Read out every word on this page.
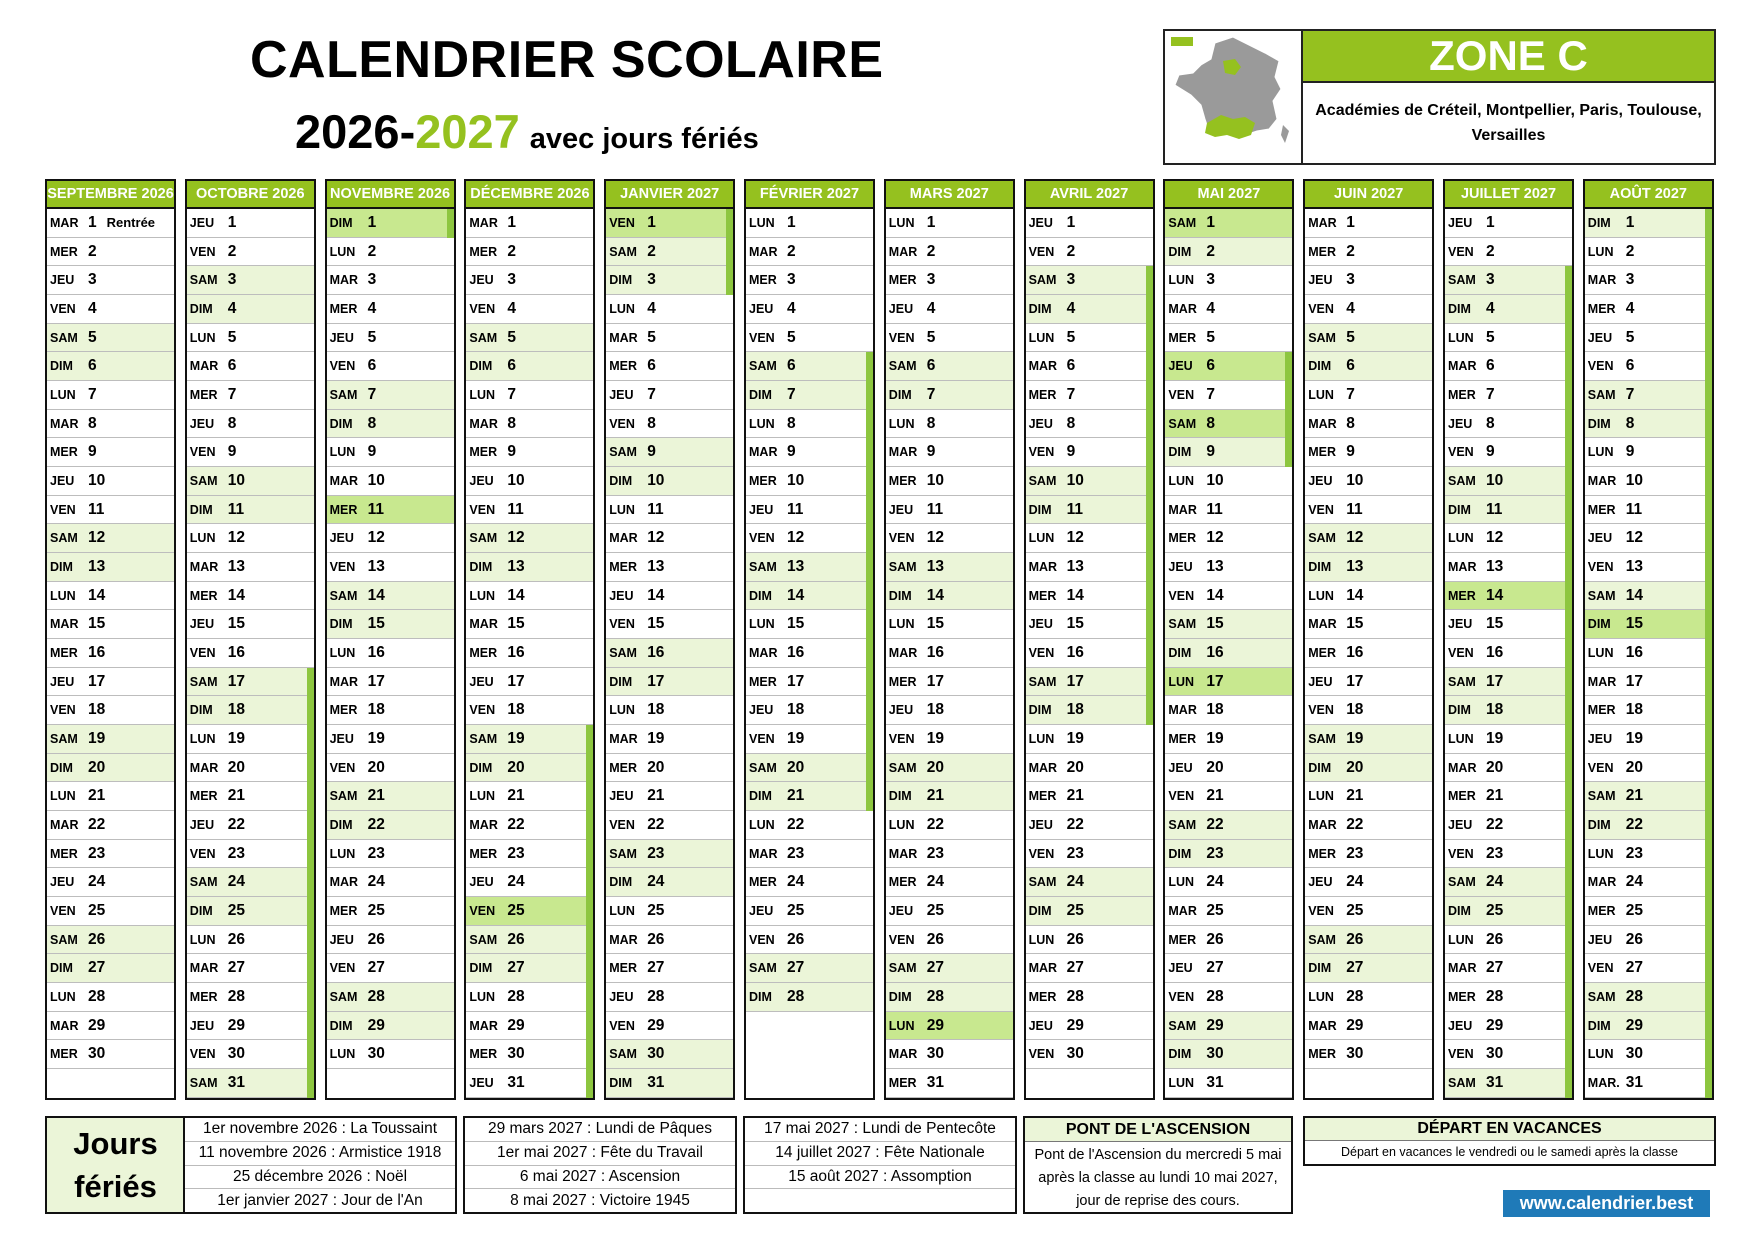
CALENDRIER SCOLAIRE
2026-2027 avec jours fériés
ZONE C
Académies de Créteil, Montpellier, Paris, Toulouse, Versailles
SEPTEMBRE 2026
MAR 1 Rentrée
MER 2
JEU 3
VEN 4
SAM 5
DIM 6
LUN 7
MAR 8
MER 9
JEU 10
VEN 11
SAM 12
DIM 13
LUN 14
MAR 15
MER 16
JEU 17
VEN 18
SAM 19
DIM 20
LUN 21
MAR 22
MER 23
JEU 24
VEN 25
SAM 26
DIM 27
LUN 28
MAR 29
MER 30
OCTOBRE 2026
JEU 1
VEN 2
SAM 3
DIM 4
LUN 5
MAR 6
MER 7
JEU 8
VEN 9
SAM 10
DIM 11
LUN 12
MAR 13
MER 14
JEU 15
VEN 16
SAM 17
DIM 18
LUN 19
MAR 20
MER 21
JEU 22
VEN 23
SAM 24
DIM 25
LUN 26
MAR 27
MER 28
JEU 29
VEN 30
SAM 31
NOVEMBRE 2026
DIM 1
LUN 2
MAR 3
MER 4
JEU 5
VEN 6
SAM 7
DIM 8
LUN 9
MAR 10
MER 11
JEU 12
VEN 13
SAM 14
DIM 15
LUN 16
MAR 17
MER 18
JEU 19
VEN 20
SAM 21
DIM 22
LUN 23
MAR 24
MER 25
JEU 26
VEN 27
SAM 28
DIM 29
LUN 30
DÉCEMBRE 2026
MAR 1
MER 2
JEU 3
VEN 4
SAM 5
DIM 6
LUN 7
MAR 8
MER 9
JEU 10
VEN 11
SAM 12
DIM 13
LUN 14
MAR 15
MER 16
JEU 17
VEN 18
SAM 19
DIM 20
LUN 21
MAR 22
MER 23
JEU 24
VEN 25
SAM 26
DIM 27
LUN 28
MAR 29
MER 30
JEU 31
JANVIER 2027
VEN 1
SAM 2
DIM 3
LUN 4
MAR 5
MER 6
JEU 7
VEN 8
SAM 9
DIM 10
LUN 11
MAR 12
MER 13
JEU 14
VEN 15
SAM 16
DIM 17
LUN 18
MAR 19
MER 20
JEU 21
VEN 22
SAM 23
DIM 24
LUN 25
MAR 26
MER 27
JEU 28
VEN 29
SAM 30
DIM 31
FÉVRIER 2027
LUN 1
MAR 2
MER 3
JEU 4
VEN 5
SAM 6
DIM 7
LUN 8
MAR 9
MER 10
JEU 11
VEN 12
SAM 13
DIM 14
LUN 15
MAR 16
MER 17
JEU 18
VEN 19
SAM 20
DIM 21
LUN 22
MAR 23
MER 24
JEU 25
VEN 26
SAM 27
DIM 28
MARS 2027
LUN 1
MAR 2
MER 3
JEU 4
VEN 5
SAM 6
DIM 7
LUN 8
MAR 9
MER 10
JEU 11
VEN 12
SAM 13
DIM 14
LUN 15
MAR 16
MER 17
JEU 18
VEN 19
SAM 20
DIM 21
LUN 22
MAR 23
MER 24
JEU 25
VEN 26
SAM 27
DIM 28
LUN 29
MAR 30
MER 31
AVRIL 2027
JEU 1
VEN 2
SAM 3
DIM 4
LUN 5
MAR 6
MER 7
JEU 8
VEN 9
SAM 10
DIM 11
LUN 12
MAR 13
MER 14
JEU 15
VEN 16
SAM 17
DIM 18
LUN 19
MAR 20
MER 21
JEU 22
VEN 23
SAM 24
DIM 25
LUN 26
MAR 27
MER 28
JEU 29
VEN 30
MAI 2027
SAM 1
DIM 2
LUN 3
MAR 4
MER 5
JEU 6
VEN 7
SAM 8
DIM 9
LUN 10
MAR 11
MER 12
JEU 13
VEN 14
SAM 15
DIM 16
LUN 17
MAR 18
MER 19
JEU 20
VEN 21
SAM 22
DIM 23
LUN 24
MAR 25
MER 26
JEU 27
VEN 28
SAM 29
DIM 30
LUN 31
JUIN 2027
MAR 1
MER 2
JEU 3
VEN 4
SAM 5
DIM 6
LUN 7
MAR 8
MER 9
JEU 10
VEN 11
SAM 12
DIM 13
LUN 14
MAR 15
MER 16
JEU 17
VEN 18
SAM 19
DIM 20
LUN 21
MAR 22
MER 23
JEU 24
VEN 25
SAM 26
DIM 27
LUN 28
MAR 29
MER 30
JUILLET 2027
JEU 1
VEN 2
SAM 3
DIM 4
LUN 5
MAR 6
MER 7
JEU 8
VEN 9
SAM 10
DIM 11
LUN 12
MAR 13
MER 14
JEU 15
VEN 16
SAM 17
DIM 18
LUN 19
MAR 20
MER 21
JEU 22
VEN 23
SAM 24
DIM 25
LUN 26
MAR 27
MER 28
JEU 29
VEN 30
SAM 31
AOÛT 2027
DIM 1
LUN 2
MAR 3
MER 4
JEU 5
VEN 6
SAM 7
DIM 8
LUN 9
MAR 10
MER 11
JEU 12
VEN 13
SAM 14
DIM 15
LUN 16
MAR 17
MER 18
JEU 19
VEN 20
SAM 21
DIM 22
LUN 23
MAR 24
MER 25
JEU 26
VEN 27
SAM 28
DIM 29
LUN 30
MAR. 31
Jours fériés
1er novembre 2026 : La Toussaint
11 novembre 2026 : Armistice 1918
25 décembre 2026 : Noël
1er janvier 2027 : Jour de l'An
29 mars 2027 : Lundi de Pâques
1er mai 2027 : Fête du Travail
6 mai 2027 : Ascension
8 mai 2027 : Victoire 1945
17 mai 2027 : Lundi de Pentecôte
14 juillet 2027 : Fête Nationale
15 août 2027 : Assomption
PONT DE L'ASCENSION
Pont de l'Ascension du mercredi 5 mai après la classe au lundi 10 mai 2027, jour de reprise des cours.
DÉPART EN VACANCES
Départ en vacances le vendredi ou le samedi après la classe
www.calendrier.best
